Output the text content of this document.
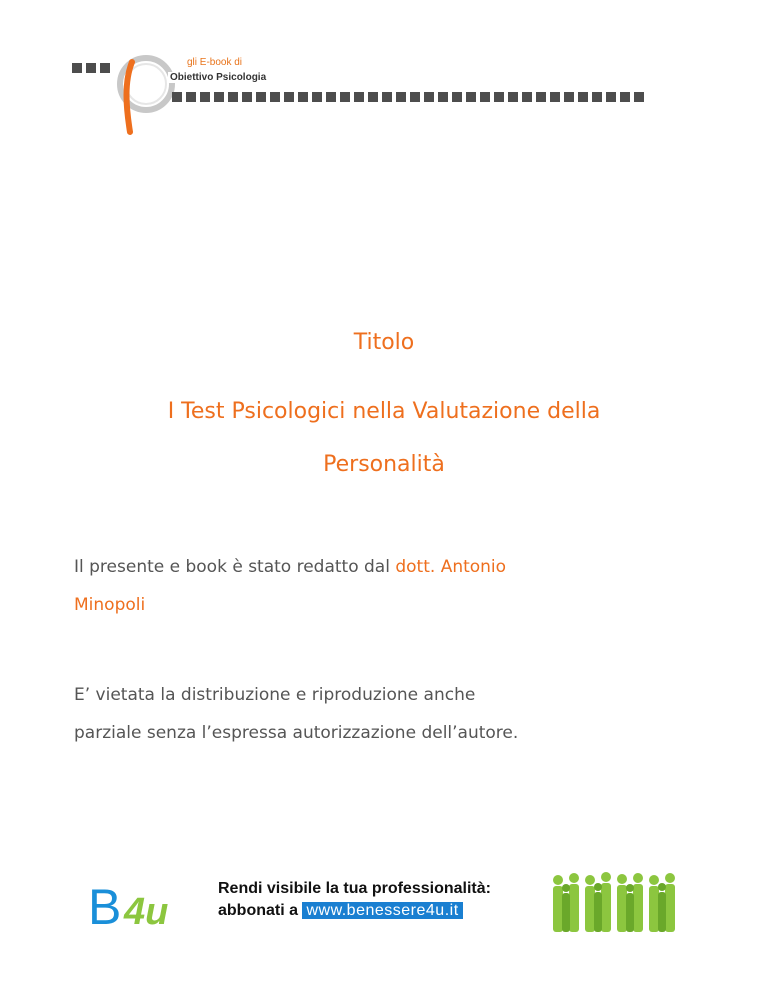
gli E-book di
Obiettivo Psicologia
Titolo
I Test Psicologici nella Valutazione della
Personalità
Il presente e book è stato redatto dal dott. Antonio
Minopoli
E’ vietata la distribuzione e riproduzione anche
parziale senza l’espressa autorizzazione dell’autore.
B 4u
Rendi visibile la tua professionalità:
abbonati a www.benessere4u.it
